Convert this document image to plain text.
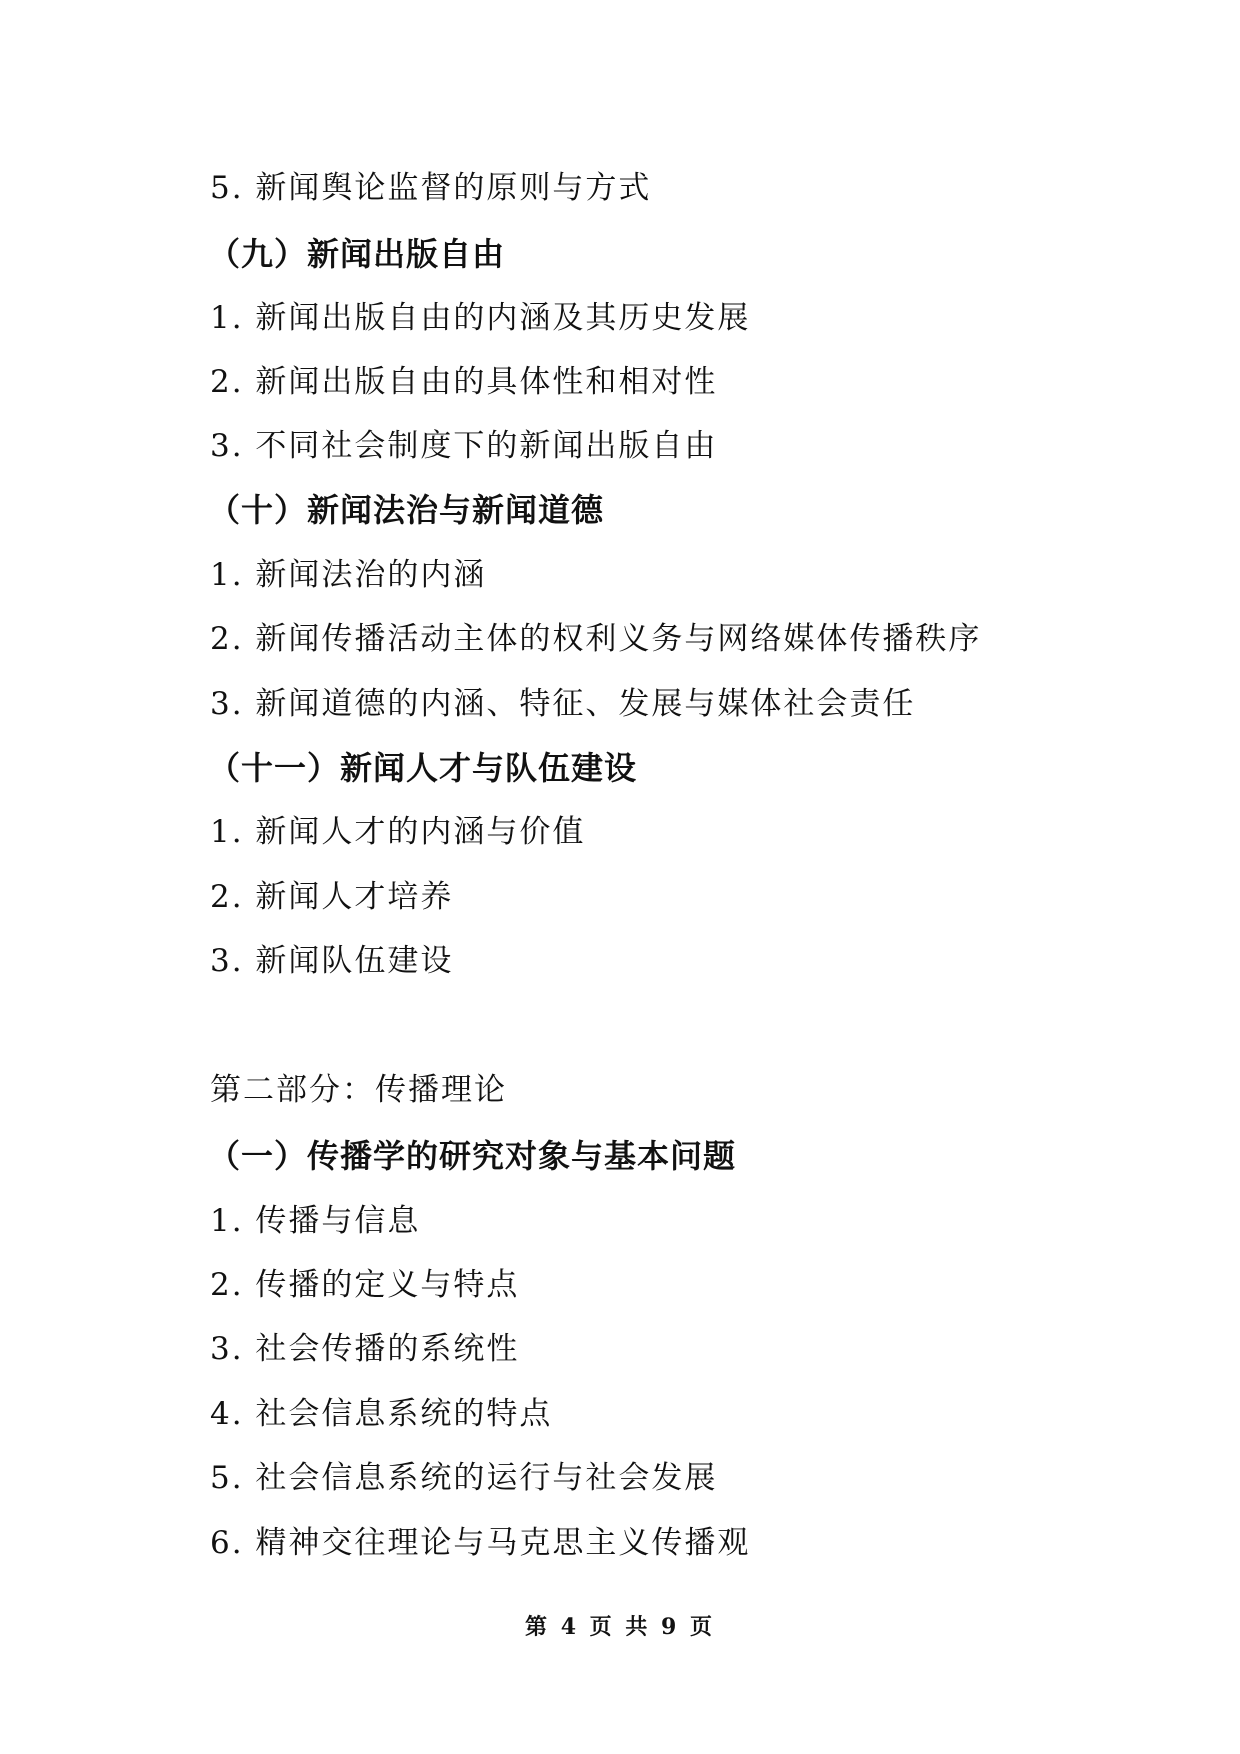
5. 新闻舆论监督的原则与方式
（九）新闻出版自由
1. 新闻出版自由的内涵及其历史发展
2. 新闻出版自由的具体性和相对性
3. 不同社会制度下的新闻出版自由
（十）新闻法治与新闻道德
1. 新闻法治的内涵
2. 新闻传播活动主体的权利义务与网络媒体传播秩序
3. 新闻道德的内涵、特征、发展与媒体社会责任
（十一）新闻人才与队伍建设
1. 新闻人才的内涵与价值
2. 新闻人才培养
3. 新闻队伍建设
第二部分：传播理论
（一）传播学的研究对象与基本问题
1. 传播与信息
2. 传播的定义与特点
3. 社会传播的系统性
4. 社会信息系统的特点
5. 社会信息系统的运行与社会发展
6. 精神交往理论与马克思主义传播观
第 4 页 共 9 页
